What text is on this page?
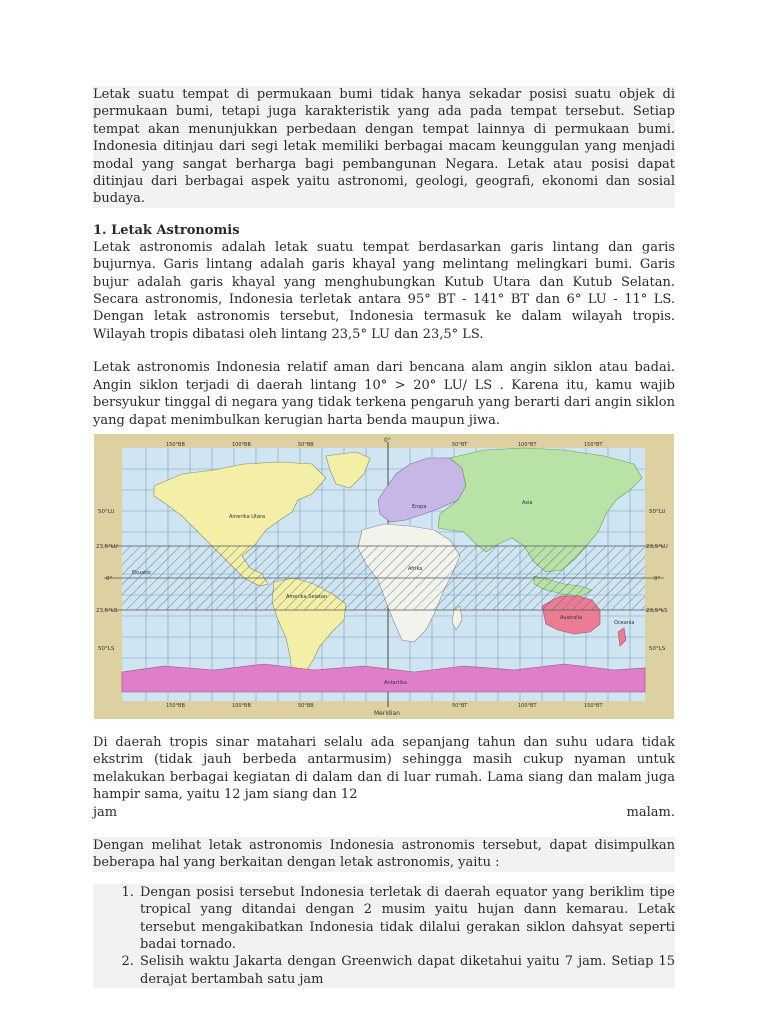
Letak suatu tempat di permukaan bumi tidak hanya sekadar posisi suatu objek di permukaan bumi, tetapi juga karakteristik yang ada pada tempat tersebut. Setiap tempat akan menunjukkan perbedaan dengan tempat lainnya di permukaan bumi. Indonesia ditinjau dari segi letak memiliki berbagai macam keunggulan yang menjadi modal yang sangat berharga bagi pembangunan Negara. Letak atau posisi dapat ditinjau dari berbagai aspek yaitu astronomi, geologi, geografi, ekonomi dan sosial budaya.

1. Letak Astronomis

Letak astronomis adalah letak suatu tempat berdasarkan garis lintang dan garis bujurnya. Garis lintang adalah garis khayal yang melintang melingkari bumi. Garis bujur adalah garis khayal yang menghubungkan Kutub Utara dan Kutub Selatan. Secara astronomis, Indonesia terletak antara 95° BT - 141° BT dan 6° LU - 11° LS. Dengan letak astronomis tersebut, Indonesia termasuk ke dalam wilayah tropis. Wilayah tropis dibatasi oleh lintang 23,5° LU dan 23,5° LS.

Letak astronomis Indonesia relatif aman dari bencana alam angin siklon atau badai. Angin siklon terjadi di daerah lintang 10° > 20° LU/ LS . Karena itu, kamu wajib bersyukur tinggal di negara yang tidak terkena pengaruh yang berarti dari angin siklon yang dapat menimbulkan kerugian harta benda maupun jiwa.

Amerika Utara
Amerika Selatan
Eropa
Afrika
Asia
Australia
Oceania
Antartika
Ekuator
0°
Meridian
150°BB	100°BB	50°BB	50°BT	100°BT	150°BT
150°BB	100°BB	50°BB	50°BT	100°BT	150°BT
50°LU
23,5°LU
0°
23,5°LS
50°LS
50°LU
23,5°LU
0°
23,5°LS
50°LS

Di daerah tropis sinar matahari selalu ada sepanjang tahun dan suhu udara tidak ekstrim (tidak jauh berbeda antarmusim) sehingga masih cukup nyaman untuk melakukan berbagai kegiatan di dalam dan di luar rumah. Lama siang dan malam juga hampir sama, yaitu 12 jam siang dan 12

jam	malam.

Dengan melihat letak astronomis Indonesia astronomis tersebut, dapat disimpulkan beberapa hal yang berkaitan dengan letak astronomis, yaitu :

1. Dengan posisi tersebut Indonesia terletak di daerah equator yang beriklim tipe tropical yang ditandai dengan 2 musim yaitu hujan dann kemarau. Letak tersebut mengakibatkan Indonesia tidak dilalui gerakan siklon dahsyat seperti badai tornado.
2. Selisih waktu Jakarta dengan Greenwich dapat diketahui yaitu 7 jam. Setiap 15 derajat bertambah satu jam
